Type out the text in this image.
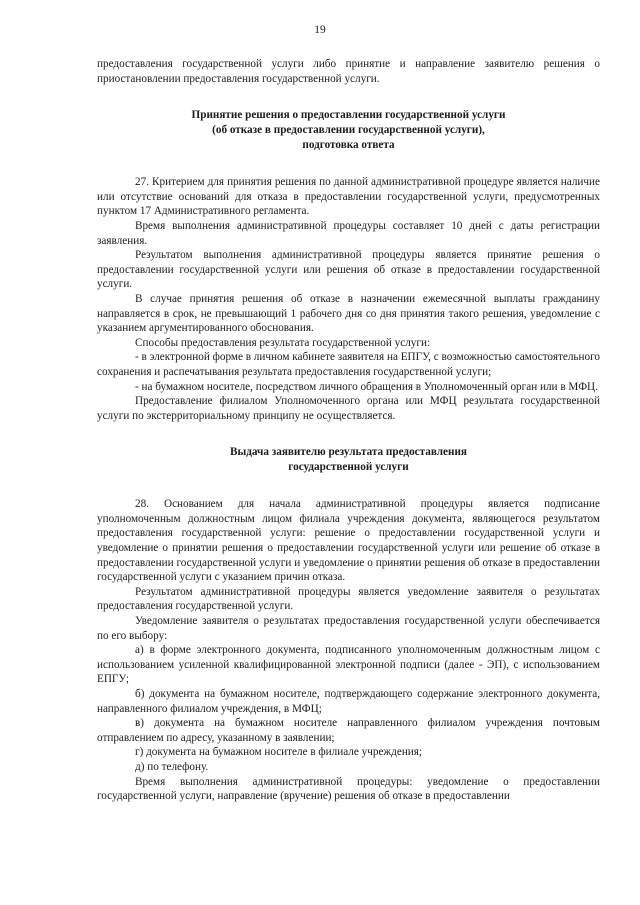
19

предоставления государственной услуги либо принятие и направление заявителю решения о приостановлении предоставления государственной услуги.

Принятие решения о предоставлении государственной услуги
(об отказе в предоставлении государственной услуги),
подготовка ответа

27. Критерием для принятия решения по данной административной процедуре является наличие или отсутствие оснований для отказа в предоставлении государственной услуги, предусмотренных пунктом 17 Административного регламента.

Время выполнения административной процедуры составляет 10 дней с даты регистрации заявления.

Результатом выполнения административной процедуры является принятие решения о предоставлении государственной услуги или решения об отказе в предоставлении государственной услуги.

В случае принятия решения об отказе в назначении ежемесячной выплаты гражданину направляется в срок, не превышающий 1 рабочего дня со дня принятия такого решения, уведомление с указанием аргументированного обоснования.

Способы предоставления результата государственной услуги:

- в электронной форме в личном кабинете заявителя на ЕПГУ, с возможностью самостоятельного сохранения и распечатывания результата предоставления государственной услуги;

- на бумажном носителе, посредством личного обращения в Уполномоченный орган или в МФЦ.

Предоставление филиалом Уполномоченного органа или МФЦ результата государственной услуги по экстерриториальному принципу не осуществляется.

Выдача заявителю результата предоставления
государственной услуги

28. Основанием для начала административной процедуры является подписание уполномоченным должностным лицом филиала учреждения документа, являющегося результатом предоставления государственной услуги: решение о предоставлении государственной услуги и уведомление о принятии решения о предоставлении государственной услуги или решение об отказе в предоставлении государственной услуги и уведомление о принятии решения об отказе в предоставлении государственной услуги с указанием причин отказа.

Результатом административной процедуры является уведомление заявителя о результатах предоставления государственной услуги.

Уведомление заявителя о результатах предоставления государственной услуги обеспечивается по его выбору:

а) в форме электронного документа, подписанного уполномоченным должностным лицом с использованием усиленной квалифицированной электронной подписи (далее - ЭП), с использованием ЕПГУ;

б) документа на бумажном носителе, подтверждающего содержание электронного документа, направленного филиалом учреждения, в МФЦ;

в) документа на бумажном носителе направленного филиалом учреждения почтовым отправлением по адресу, указанному в заявлении;

г) документа на бумажном носителе в филиале учреждения;

д) по телефону.

Время выполнения административной процедуры: уведомление о предоставлении государственной услуги, направление (вручение) решения об отказе в предоставлении
